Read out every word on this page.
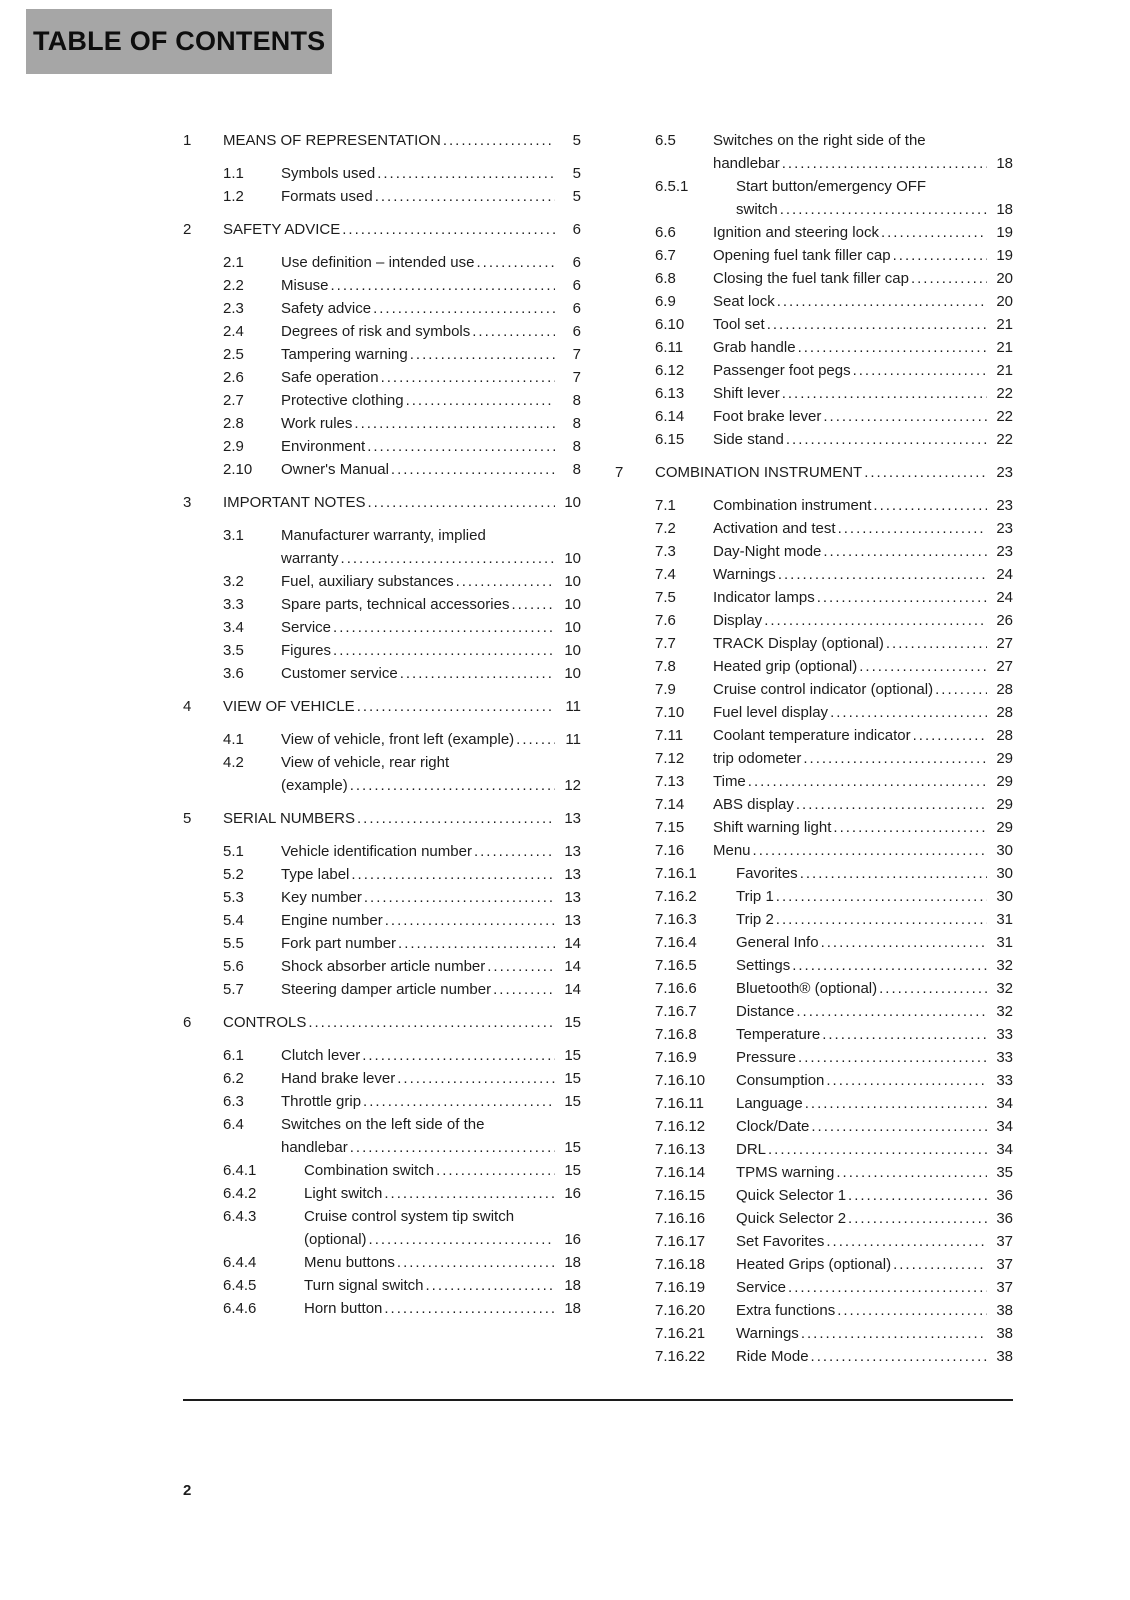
TABLE OF CONTENTS
1	MEANS OF REPRESENTATION .....	5
1.1	Symbols used .....	5
1.2	Formats used .....	5
2	SAFETY ADVICE .....	6
2.1	Use definition – intended use .....	6
2.2	Misuse .....	6
2.3	Safety advice .....	6
2.4	Degrees of risk and symbols .....	6
2.5	Tampering warning .....	7
2.6	Safe operation .....	7
2.7	Protective clothing .....	8
2.8	Work rules .....	8
2.9	Environment .....	8
2.10	Owner's Manual .....	8
3	IMPORTANT NOTES .....	10
3.1	Manufacturer warranty, implied
warranty .....	10
3.2	Fuel, auxiliary substances .....	10
3.3	Spare parts, technical accessories .....	10
3.4	Service .....	10
3.5	Figures .....	10
3.6	Customer service .....	10
4	VIEW OF VEHICLE .....	11
4.1	View of vehicle, front left (example) .....	11
4.2	View of vehicle, rear right
(example) .....	12
5	SERIAL NUMBERS .....	13
5.1	Vehicle identification number .....	13
5.2	Type label .....	13
5.3	Key number .....	13
5.4	Engine number .....	13
5.5	Fork part number .....	14
5.6	Shock absorber article number .....	14
5.7	Steering damper article number .....	14
6	CONTROLS .....	15
6.1	Clutch lever .....	15
6.2	Hand brake lever .....	15
6.3	Throttle grip .....	15
6.4	Switches on the left side of the
handlebar .....	15
6.4.1	Combination switch .....	15
6.4.2	Light switch .....	16
6.4.3	Cruise control system tip switch
(optional) .....	16
6.4.4	Menu buttons .....	18
6.4.5	Turn signal switch .....	18
6.4.6	Horn button .....	18
6.5	Switches on the right side of the
handlebar .....	18
6.5.1	Start button/emergency OFF
switch .....	18
6.6	Ignition and steering lock .....	19
6.7	Opening fuel tank filler cap .....	19
6.8	Closing the fuel tank filler cap .....	20
6.9	Seat lock .....	20
6.10	Tool set .....	21
6.11	Grab handle .....	21
6.12	Passenger foot pegs .....	21
6.13	Shift lever .....	22
6.14	Foot brake lever .....	22
6.15	Side stand .....	22
7	COMBINATION INSTRUMENT .....	23
7.1	Combination instrument .....	23
7.2	Activation and test .....	23
7.3	Day-Night mode .....	23
7.4	Warnings .....	24
7.5	Indicator lamps .....	24
7.6	Display .....	26
7.7	TRACK Display (optional) .....	27
7.8	Heated grip (optional) .....	27
7.9	Cruise control indicator (optional) .....	28
7.10	Fuel level display .....	28
7.11	Coolant temperature indicator .....	28
7.12	trip odometer .....	29
7.13	Time .....	29
7.14	ABS display .....	29
7.15	Shift warning light .....	29
7.16	Menu .....	30
7.16.1	Favorites .....	30
7.16.2	Trip 1 .....	30
7.16.3	Trip 2 .....	31
7.16.4	General Info .....	31
7.16.5	Settings .....	32
7.16.6	Bluetooth® (optional) .....	32
7.16.7	Distance .....	32
7.16.8	Temperature .....	33
7.16.9	Pressure .....	33
7.16.10	Consumption .....	33
7.16.11	Language .....	34
7.16.12	Clock/Date .....	34
7.16.13	DRL .....	34
7.16.14	TPMS warning .....	35
7.16.15	Quick Selector 1 .....	36
7.16.16	Quick Selector 2 .....	36
7.16.17	Set Favorites .....	37
7.16.18	Heated Grips (optional) .....	37
7.16.19	Service .....	37
7.16.20	Extra functions .....	38
7.16.21	Warnings .....	38
7.16.22	Ride Mode .....	38
2
